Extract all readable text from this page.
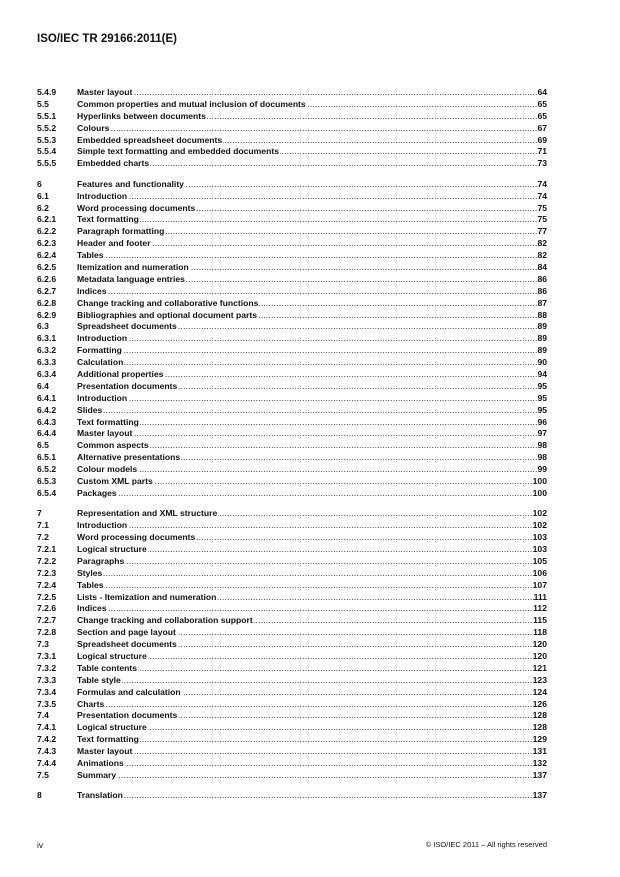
ISO/IEC TR 29166:2011(E)
5.4.9	Master layout .....	64
5.5	Common properties and mutual inclusion of documents .....	65
5.5.1	Hyperlinks between documents .....	65
5.5.2	Colours .....	67
5.5.3	Embedded spreadsheet documents .....	69
5.5.4	Simple text formatting and embedded documents .....	71
5.5.5	Embedded charts .....	73
6	Features and functionality .....	74
6.1	Introduction .....	74
6.2	Word processing documents .....	75
6.2.1	Text formatting .....	75
6.2.2	Paragraph formatting .....	77
6.2.3	Header and footer .....	82
6.2.4	Tables .....	82
6.2.5	Itemization and numeration .....	84
6.2.6	Metadata language entries .....	86
6.2.7	Indices .....	86
6.2.8	Change tracking and collaborative functions .....	87
6.2.9	Bibliographies and optional document parts .....	88
6.3	Spreadsheet documents .....	89
6.3.1	Introduction .....	89
6.3.2	Formatting .....	89
6.3.3	Calculation .....	90
6.3.4	Additional properties .....	94
6.4	Presentation documents .....	95
6.4.1	Introduction .....	95
6.4.2	Slides .....	95
6.4.3	Text formatting .....	96
6.4.4	Master layout .....	97
6.5	Common aspects .....	98
6.5.1	Alternative presentations .....	98
6.5.2	Colour models .....	99
6.5.3	Custom XML parts .....	100
6.5.4	Packages .....	100
7	Representation and XML structure .....	102
7.1	Introduction .....	102
7.2	Word processing documents .....	103
7.2.1	Logical structure .....	103
7.2.2	Paragraphs .....	105
7.2.3	Styles .....	106
7.2.4	Tables .....	107
7.2.5	Lists - Itemization and numeration .....	111
7.2.6	Indices .....	112
7.2.7	Change tracking and collaboration support .....	115
7.2.8	Section and page layout .....	118
7.3	Spreadsheet documents .....	120
7.3.1	Logical structure .....	120
7.3.2	Table contents .....	121
7.3.3	Table style .....	123
7.3.4	Formulas and calculation .....	124
7.3.5	Charts .....	126
7.4	Presentation documents .....	128
7.4.1	Logical structure .....	128
7.4.2	Text formatting .....	129
7.4.3	Master layout .....	131
7.4.4	Animations .....	132
7.5	Summary .....	137
8	Translation .....	137
iv	© ISO/IEC 2011 – All rights reserved
